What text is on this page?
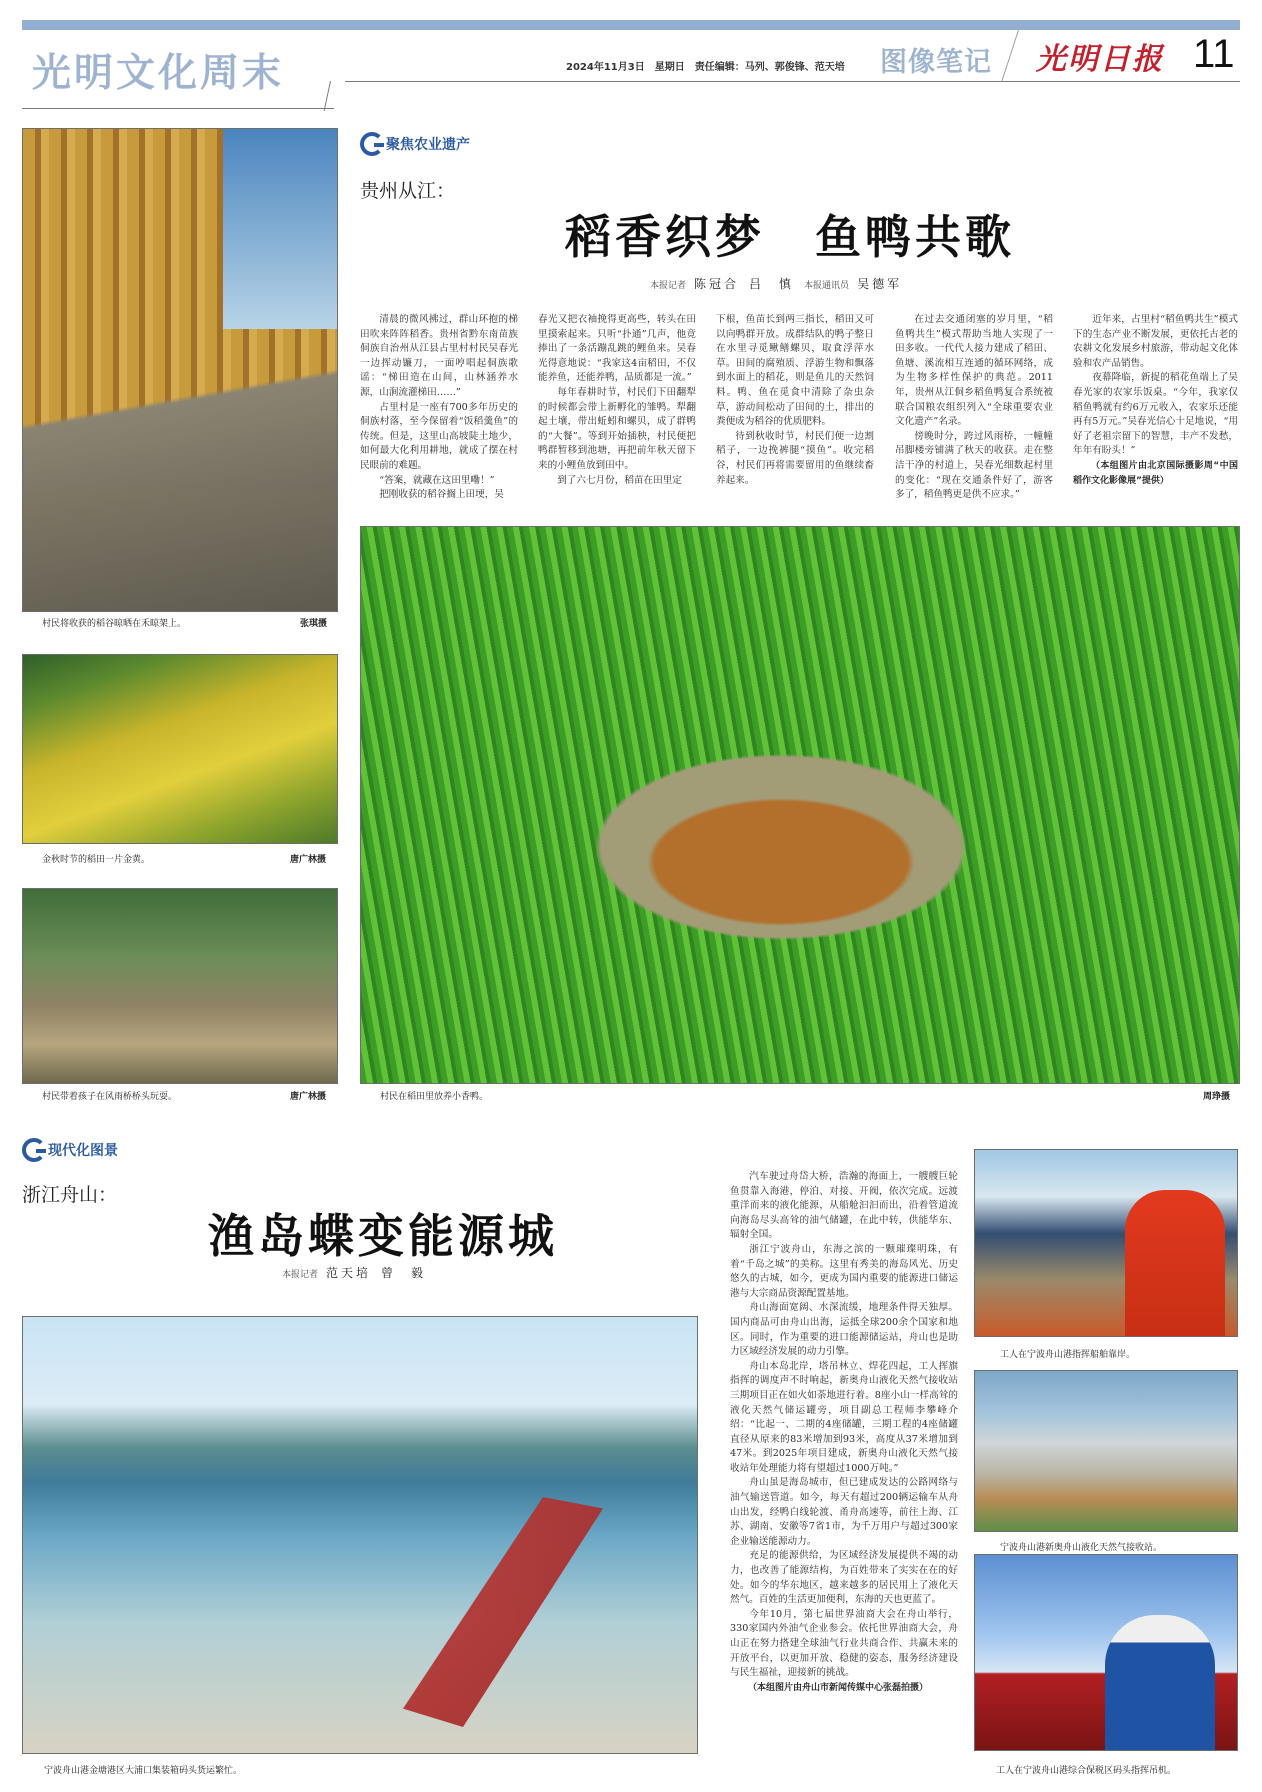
光明文化周末	2024年11月3日　星期日　责任编辑：马列、郭俊锋、范天培 图像笔记 光明日报 11
村民将收获的稻谷晾晒在禾晾架上。	张琪摄
金秋时节的稻田一片金黄。	唐广林摄
村民带着孩子在风雨桥桥头玩耍。	唐广林摄
聚焦农业遗产
贵州从江：
稻香织梦　鱼鸭共歌
本报记者 陈冠合 吕　慎 本报通讯员 吴德军

清晨的微风拂过，群山环抱的梯田吹来阵阵稻香。贵州省黔东南苗族侗族自治州从江县占里村村民吴春光一边挥动镰刀，一面哼唱起侗族歌谣：“梯田造在山间，山林涵养水源，山涧流灌梯田……”

占里村是一座有700多年历史的侗族村落，至今保留着“饭稻羹鱼”的传统。但是，这里山高坡陡土地少，如何最大化利用耕地，就成了摆在村民眼前的难题。

“答案，就藏在这田里嘞！”

把刚收获的稻谷搁上田埂，吴

春光又把衣袖挽得更高些，转头在田里摸索起来。只听“扑通”几声，他竟捧出了一条活蹦乱跳的鲤鱼来。吴春光得意地说：“我家这4亩稻田，不仅能养鱼，还能养鸭，品质都是一流。”

每年春耕时节，村民们下田翻犁的时候都会带上新孵化的雏鸭。犁翻起土壤，带出蚯蚓和螺贝，成了群鸭的“大餐”。等到开始插秧，村民便把鸭群暂移到池塘，再把前年秋天留下来的小鲤鱼放到田中。

到了六七月份，稻苗在田里定

下根，鱼苗长到两三指长，稻田又可以向鸭群开放。成群结队的鸭子整日在水里寻觅鳅鳝螺贝，取食浮萍水草。田间的腐殖质、浮游生物和飘落到水面上的稻花，则是鱼儿的天然饲料。鸭、鱼在觅食中清除了杂虫杂草，游动间松动了田间的土，排出的粪便成为稻谷的优质肥料。

待到秋收时节，村民们便一边割稻子，一边挽裤腿“摸鱼”。收完稻谷，村民们再将需要留用的鱼继续畜养起来。

在过去交通闭塞的岁月里，“稻鱼鸭共生”模式帮助当地人实现了一田多收。一代代人接力建成了稻田、鱼塘、溪流相互连通的循环网络，成为生物多样性保护的典范。2011年，贵州从江侗乡稻鱼鸭复合系统被联合国粮农组织列入“全球重要农业文化遗产”名录。

傍晚时分，跨过风雨桥，一幢幢吊脚楼旁铺满了秋天的收获。走在整洁干净的村道上，吴春光细数起村里的变化：“现在交通条件好了，游客多了，稻鱼鸭更是供不应求。”

近年来，占里村“稻鱼鸭共生”模式下的生态产业不断发展，更依托古老的农耕文化发展乡村旅游，带动起文化体验和农产品销售。

夜幕降临，新捉的稻花鱼端上了吴春光家的农家乐饭桌。“今年，我家仅稻鱼鸭就有约6万元收入，农家乐还能再有5万元。”吴春光信心十足地说，“用好了老祖宗留下的智慧，丰产不发愁，年年有盼头！”

（本组图片由北京国际摄影周“中国稻作文化影像展”提供）

村民在稻田里放养小香鸭。	周琤摄
现代化图景
浙江舟山：
渔岛蝶变能源城
本报记者 范天培 曾　毅
宁波舟山港金塘港区大浦口集装箱码头货运繁忙。

汽车驶过舟岱大桥，浩瀚的海面上，一艘艘巨轮鱼贯靠入海港，停泊、对接、开阀，依次完成。远渡重洋而来的液化能源，从船舱汩汩而出，沿着管道流向海岛尽头高耸的油气储罐，在此中转，供能华东、辐射全国。

浙江宁波舟山，东海之滨的一颗璀璨明珠，有着“千岛之城”的美称。这里有秀美的海岛风光、历史悠久的古城，如今，更成为国内重要的能源进口储运港与大宗商品资源配置基地。

舟山海面宽阔、水深流缓，地理条件得天独厚。国内商品可由舟山出海，运抵全球200余个国家和地区。同时，作为重要的进口能源储运站，舟山也是助力区域经济发展的动力引擎。

舟山本岛北岸，塔吊林立、焊花四起，工人挥旗指挥的调度声不时响起，新奥舟山液化天然气接收站三期项目正在如火如荼地进行着。8座小山一样高耸的液化天然气储运罐旁，项目副总工程师李攀峰介绍：“比起一、二期的4座储罐，三期工程的4座储罐直径从原来的83米增加到93米，高度从37米增加到47米。到2025年项目建成，新奥舟山液化天然气接收站年处理能力将有望超过1000万吨。”

舟山虽是海岛城市，但已建成发达的公路网络与油气输送管道。如今，每天有超过200辆运输车从舟山出发，经鸭白线轮渡、甬舟高速等，前往上海、江苏、湖南、安徽等7省1市，为千万用户与超过300家企业输送能源动力。

充足的能源供给，为区域经济发展提供不竭的动力，也改善了能源结构，为百姓带来了实实在在的好处。如今的华东地区，越来越多的居民用上了液化天然气。百姓的生活更加便利，东海的天也更蓝了。

今年10月，第七届世界油商大会在舟山举行，330家国内外油气企业参会。依托世界油商大会，舟山正在努力搭建全球油气行业共商合作、共赢未来的开放平台，以更加开放、稳健的姿态，服务经济建设与民生福祉，迎接新的挑战。

（本组图片由舟山市新闻传媒中心张磊拍摄）

工人在宁波舟山港指挥船舶靠岸。
宁波舟山港新奥舟山液化天然气接收站。
工人在宁波舟山港综合保税区码头指挥吊机。
